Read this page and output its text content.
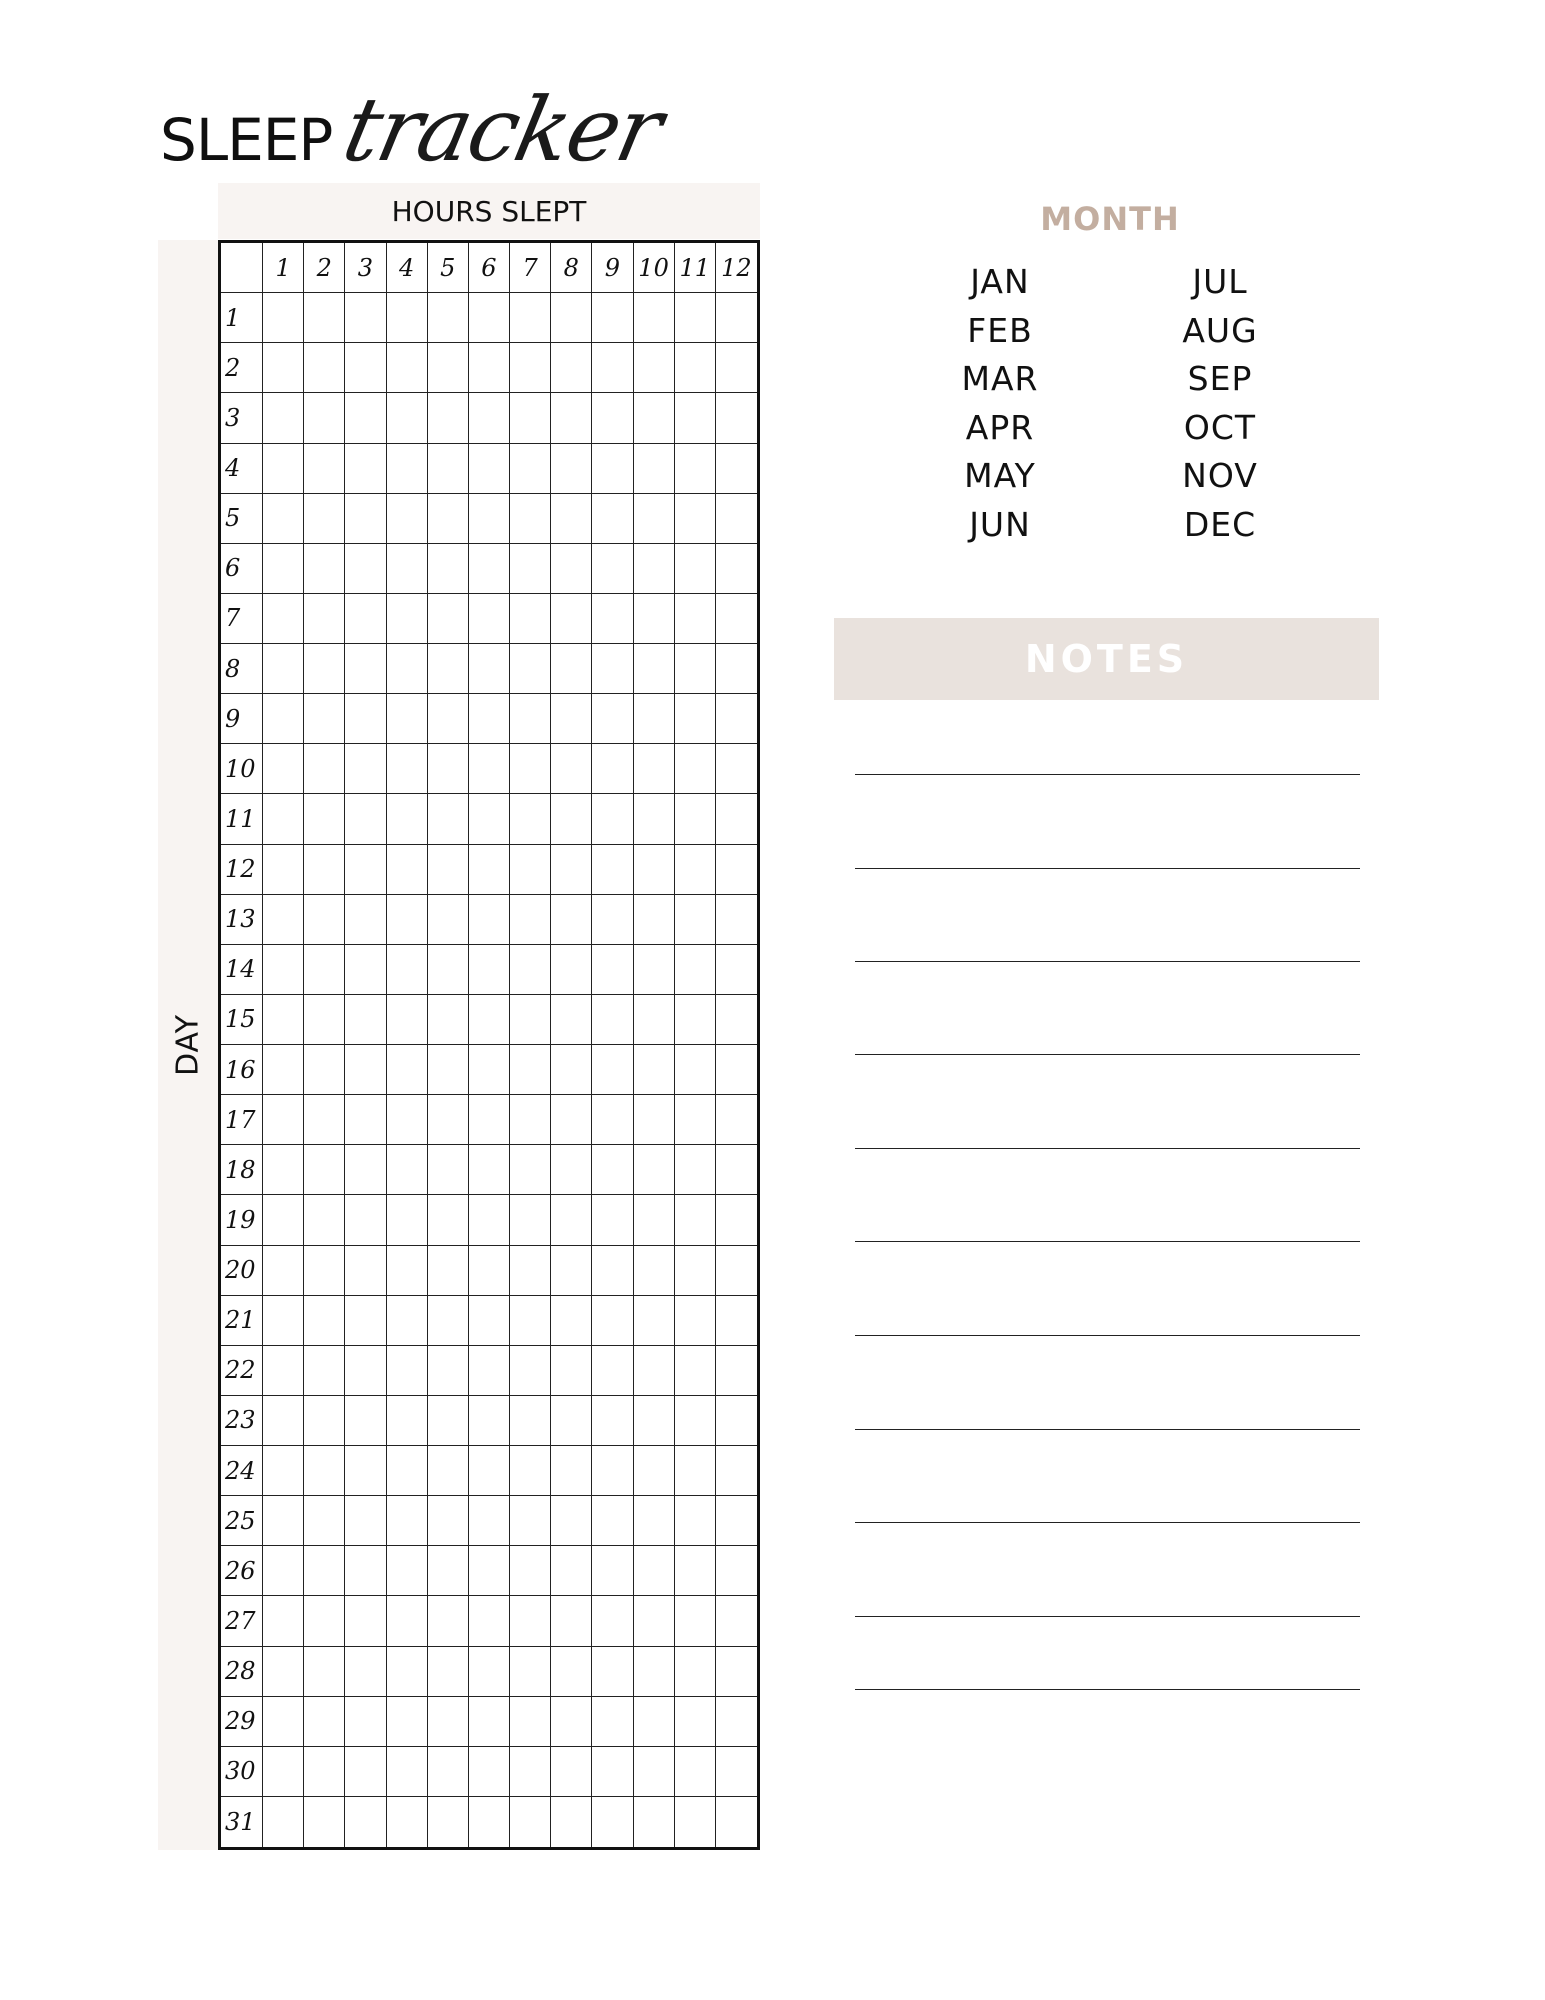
SLEEP tracker
HOURS SLEPT
DAY
1	2	3	4	5	6	7	8	9 10 11 12
1
2
3
4
5
6
7
8
9
10
11
12
13
14
15
16
17
18
19
20
21
22
23
24
25
26
27
28
29
30
31
MONTH
JAN
FEB
MAR
APR
MAY
JUN
JUL
AUG
SEP
OCT
NOV
DEC
NOTES
